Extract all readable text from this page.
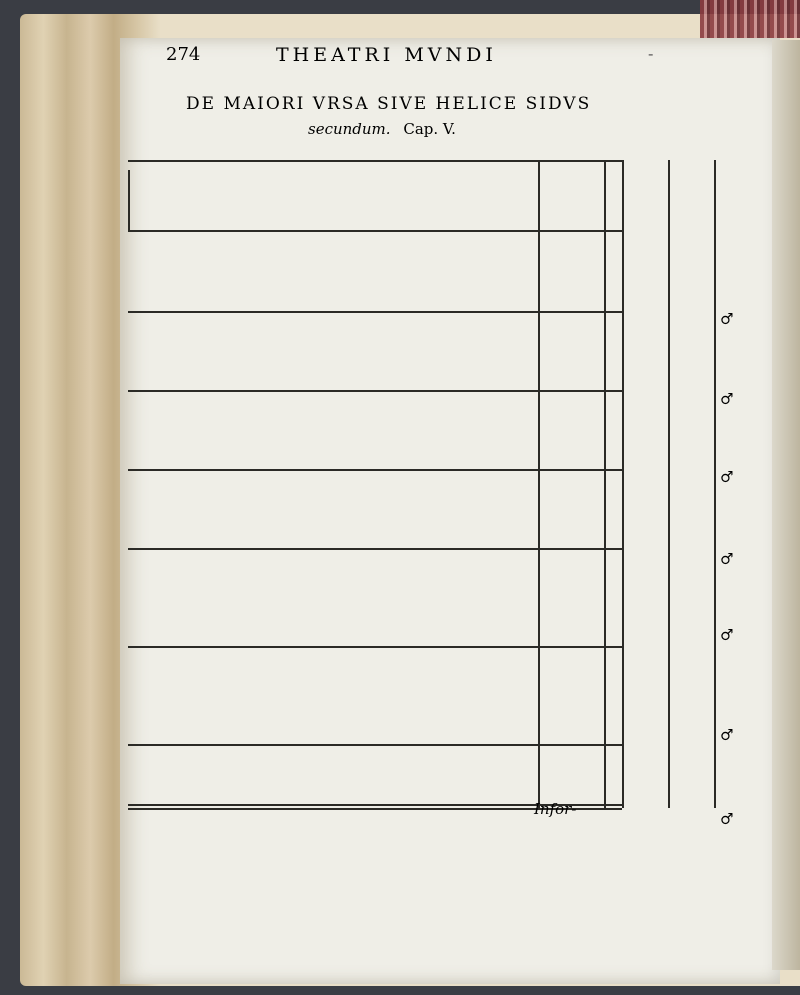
274	THEATRI MVNDI	-
DE MAIORI VRSA SIVE HELICE SIDVS
secundum. Cap. V.
♂
♂
♂
♂
♂
♂
♂
Infor-
